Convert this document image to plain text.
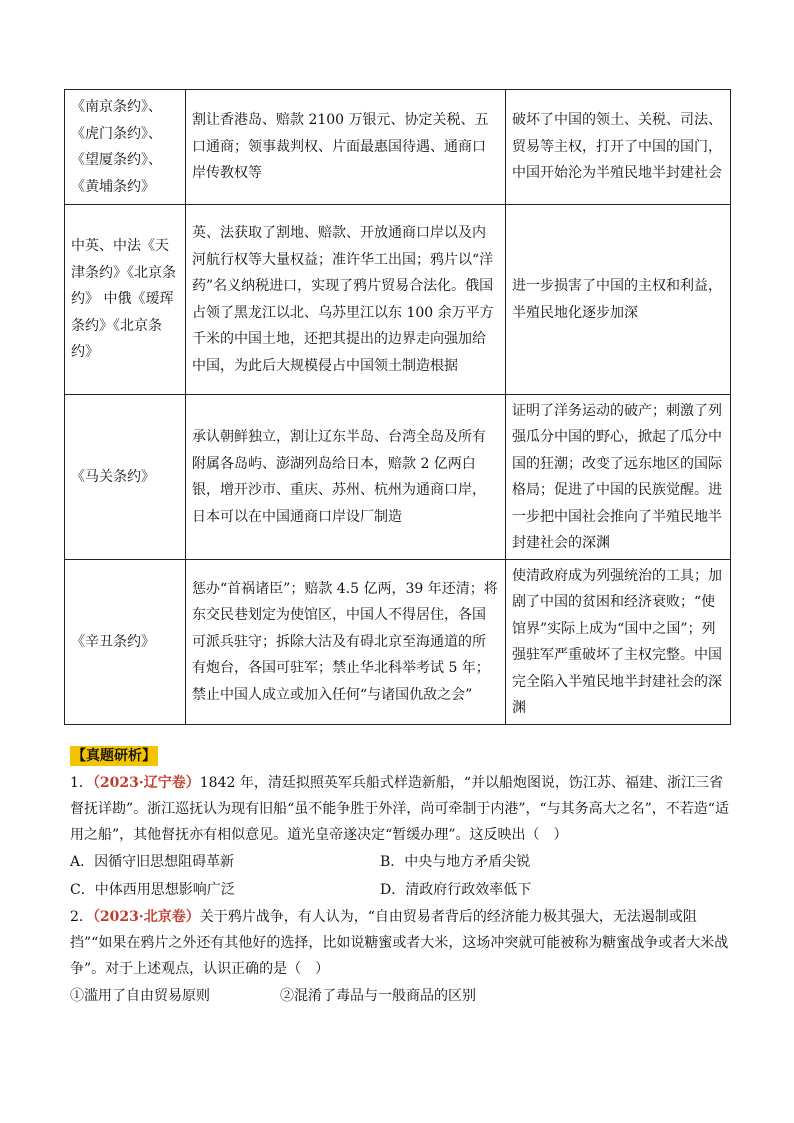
《南京条约》、《虎门条约》、《望厦条约》、《黄埔条约》	割让香港岛、赔款 2100 万银元、协定关税、五口通商；领事裁判权、片面最惠国待遇、通商口岸传教权等	破坏了中国的领土、关税、司法、贸易等主权，打开了中国的国门，中国开始沦为半殖民地半封建社会
中英、中法《天津条约》《北京条约》 中俄《瑷珲条约》《北京条约》	英、法获取了割地、赔款、开放通商口岸以及内河航行权等大量权益；准许华工出国；鸦片以“洋药”名义纳税进口，实现了鸦片贸易合法化。俄国占领了黑龙江以北、乌苏里江以东 100 余万平方千米的中国土地，还把其提出的边界走向强加给中国，为此后大规模侵占中国领土制造根据	进一步损害了中国的主权和利益，半殖民地化逐步加深
《马关条约》	承认朝鲜独立，割让辽东半岛、台湾全岛及所有附属各岛屿、澎湖列岛给日本，赔款 2 亿两白银，增开沙市、重庆、苏州、杭州为通商口岸，日本可以在中国通商口岸设厂制造	证明了洋务运动的破产；刺激了列强瓜分中国的野心，掀起了瓜分中国的狂潮；改变了远东地区的国际格局；促进了中国的民族觉醒。进一步把中国社会推向了半殖民地半封建社会的深渊
《辛丑条约》	惩办“首祸诸臣”；赔款 4.5 亿两，39 年还清；将东交民巷划定为使馆区，中国人不得居住，各国可派兵驻守；拆除大沽及有碍北京至海通道的所有炮台，各国可驻军；禁止华北科举考试 5 年；禁止中国人成立或加入任何“与诸国仇敌之会”	使清政府成为列强统治的工具；加剧了中国的贫困和经济衰败；“使馆界”实际上成为“国中之国”；列强驻军严重破坏了主权完整。中国完全陷入半殖民地半封建社会的深渊
【真题研析】

1．（2023·辽宁卷）1842 年，清廷拟照英军兵船式样造新船，“并以船炮图说，饬江苏、福建、浙江三省督抚详勘”。浙江巡抚认为现有旧船“虽不能争胜于外洋，尚可牵制于内港”，“与其务高大之名”，不若造“适用之船”，其他督抚亦有相似意见。道光皇帝遂决定“暂缓办理”。这反映出（　）

A．因循守旧思想阻碍革新	B．中央与地方矛盾尖锐
C．中体西用思想影响广泛	D．清政府行政效率低下

2．（2023·北京卷）关于鸦片战争，有人认为，“自由贸易者背后的经济能力极其强大，无法遏制或阻挡”“如果在鸦片之外还有其他好的选择，比如说糖蜜或者大米，这场冲突就可能被称为糖蜜战争或者大米战争”。对于上述观点，认识正确的是（　）

①滥用了自由贸易原则	②混淆了毒品与一般商品的区别
